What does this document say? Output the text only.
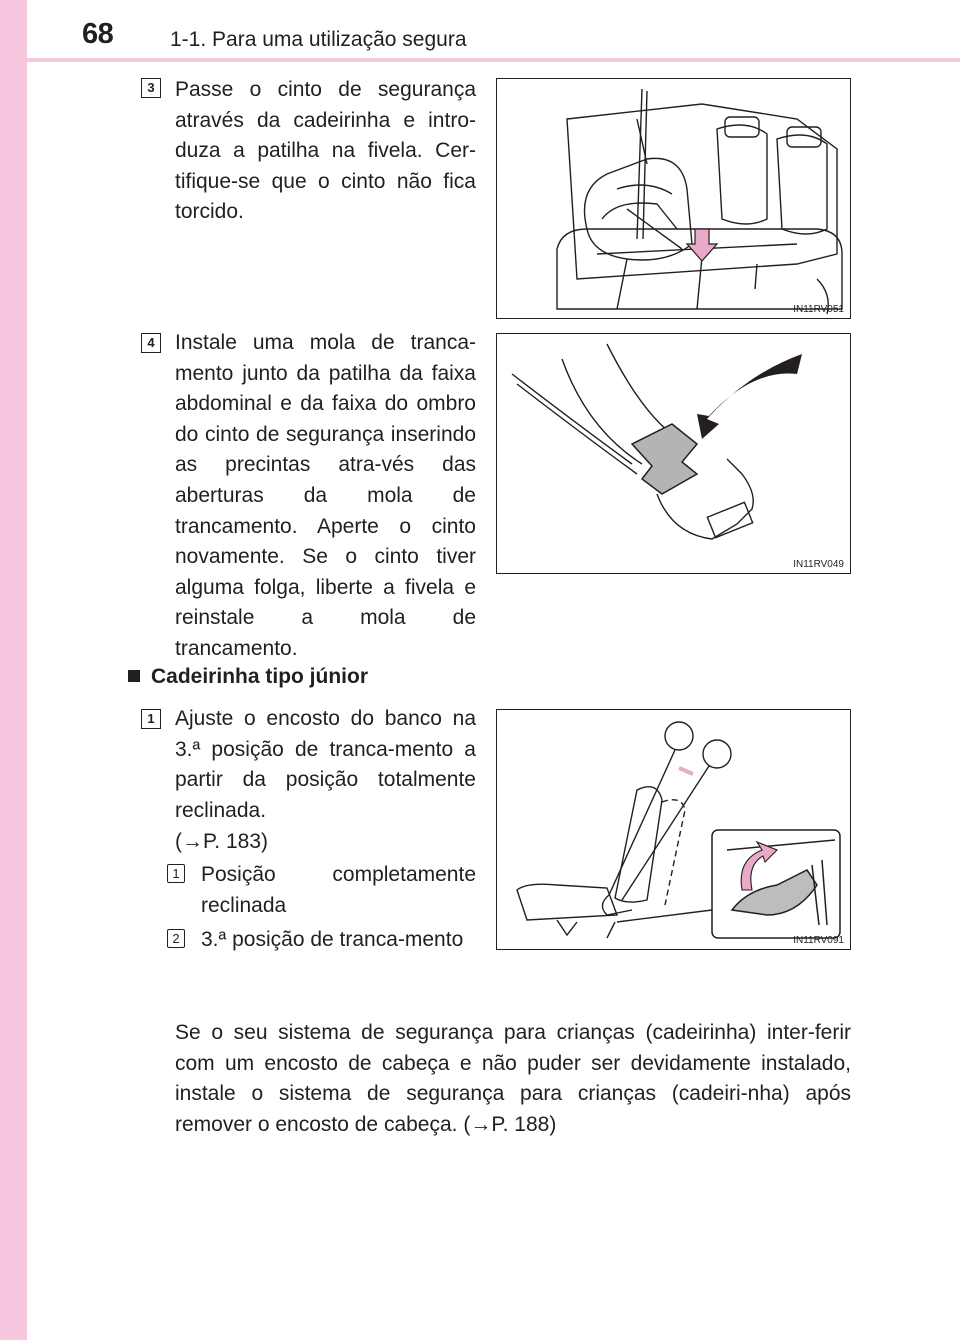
68	1-1. Para uma utilização segura
3 Passe o cinto de segurança através da cadeirinha e intro-duza a patilha na fivela. Cer-tifique-se que o cinto não fica torcido.
IN11RV051
4 Instale uma mola de tranca-mento junto da patilha da faixa abdominal e da faixa do ombro do cinto de segurança inserindo as precintas atra-vés das aberturas da mola de trancamento. Aperte o cinto novamente. Se o cinto tiver alguma folga, liberte a fivela e reinstale a mola de trancamento.
IN11RV049
Cadeirinha tipo júnior
1 Ajuste o encosto do banco na 3.ª posição de tranca-mento a partir da posição totalmente reclinada.
(→P. 183)
1 Posição completamente reclinada
2 3.ª posição de tranca-mento	IN11RV091
Se o seu sistema de segurança para crianças (cadeirinha) inter-ferir com um encosto de cabeça e não puder ser devidamente instalado, instale o sistema de segurança para crianças (cadeiri-nha) após remover o encosto de cabeça. (→P. 188)
